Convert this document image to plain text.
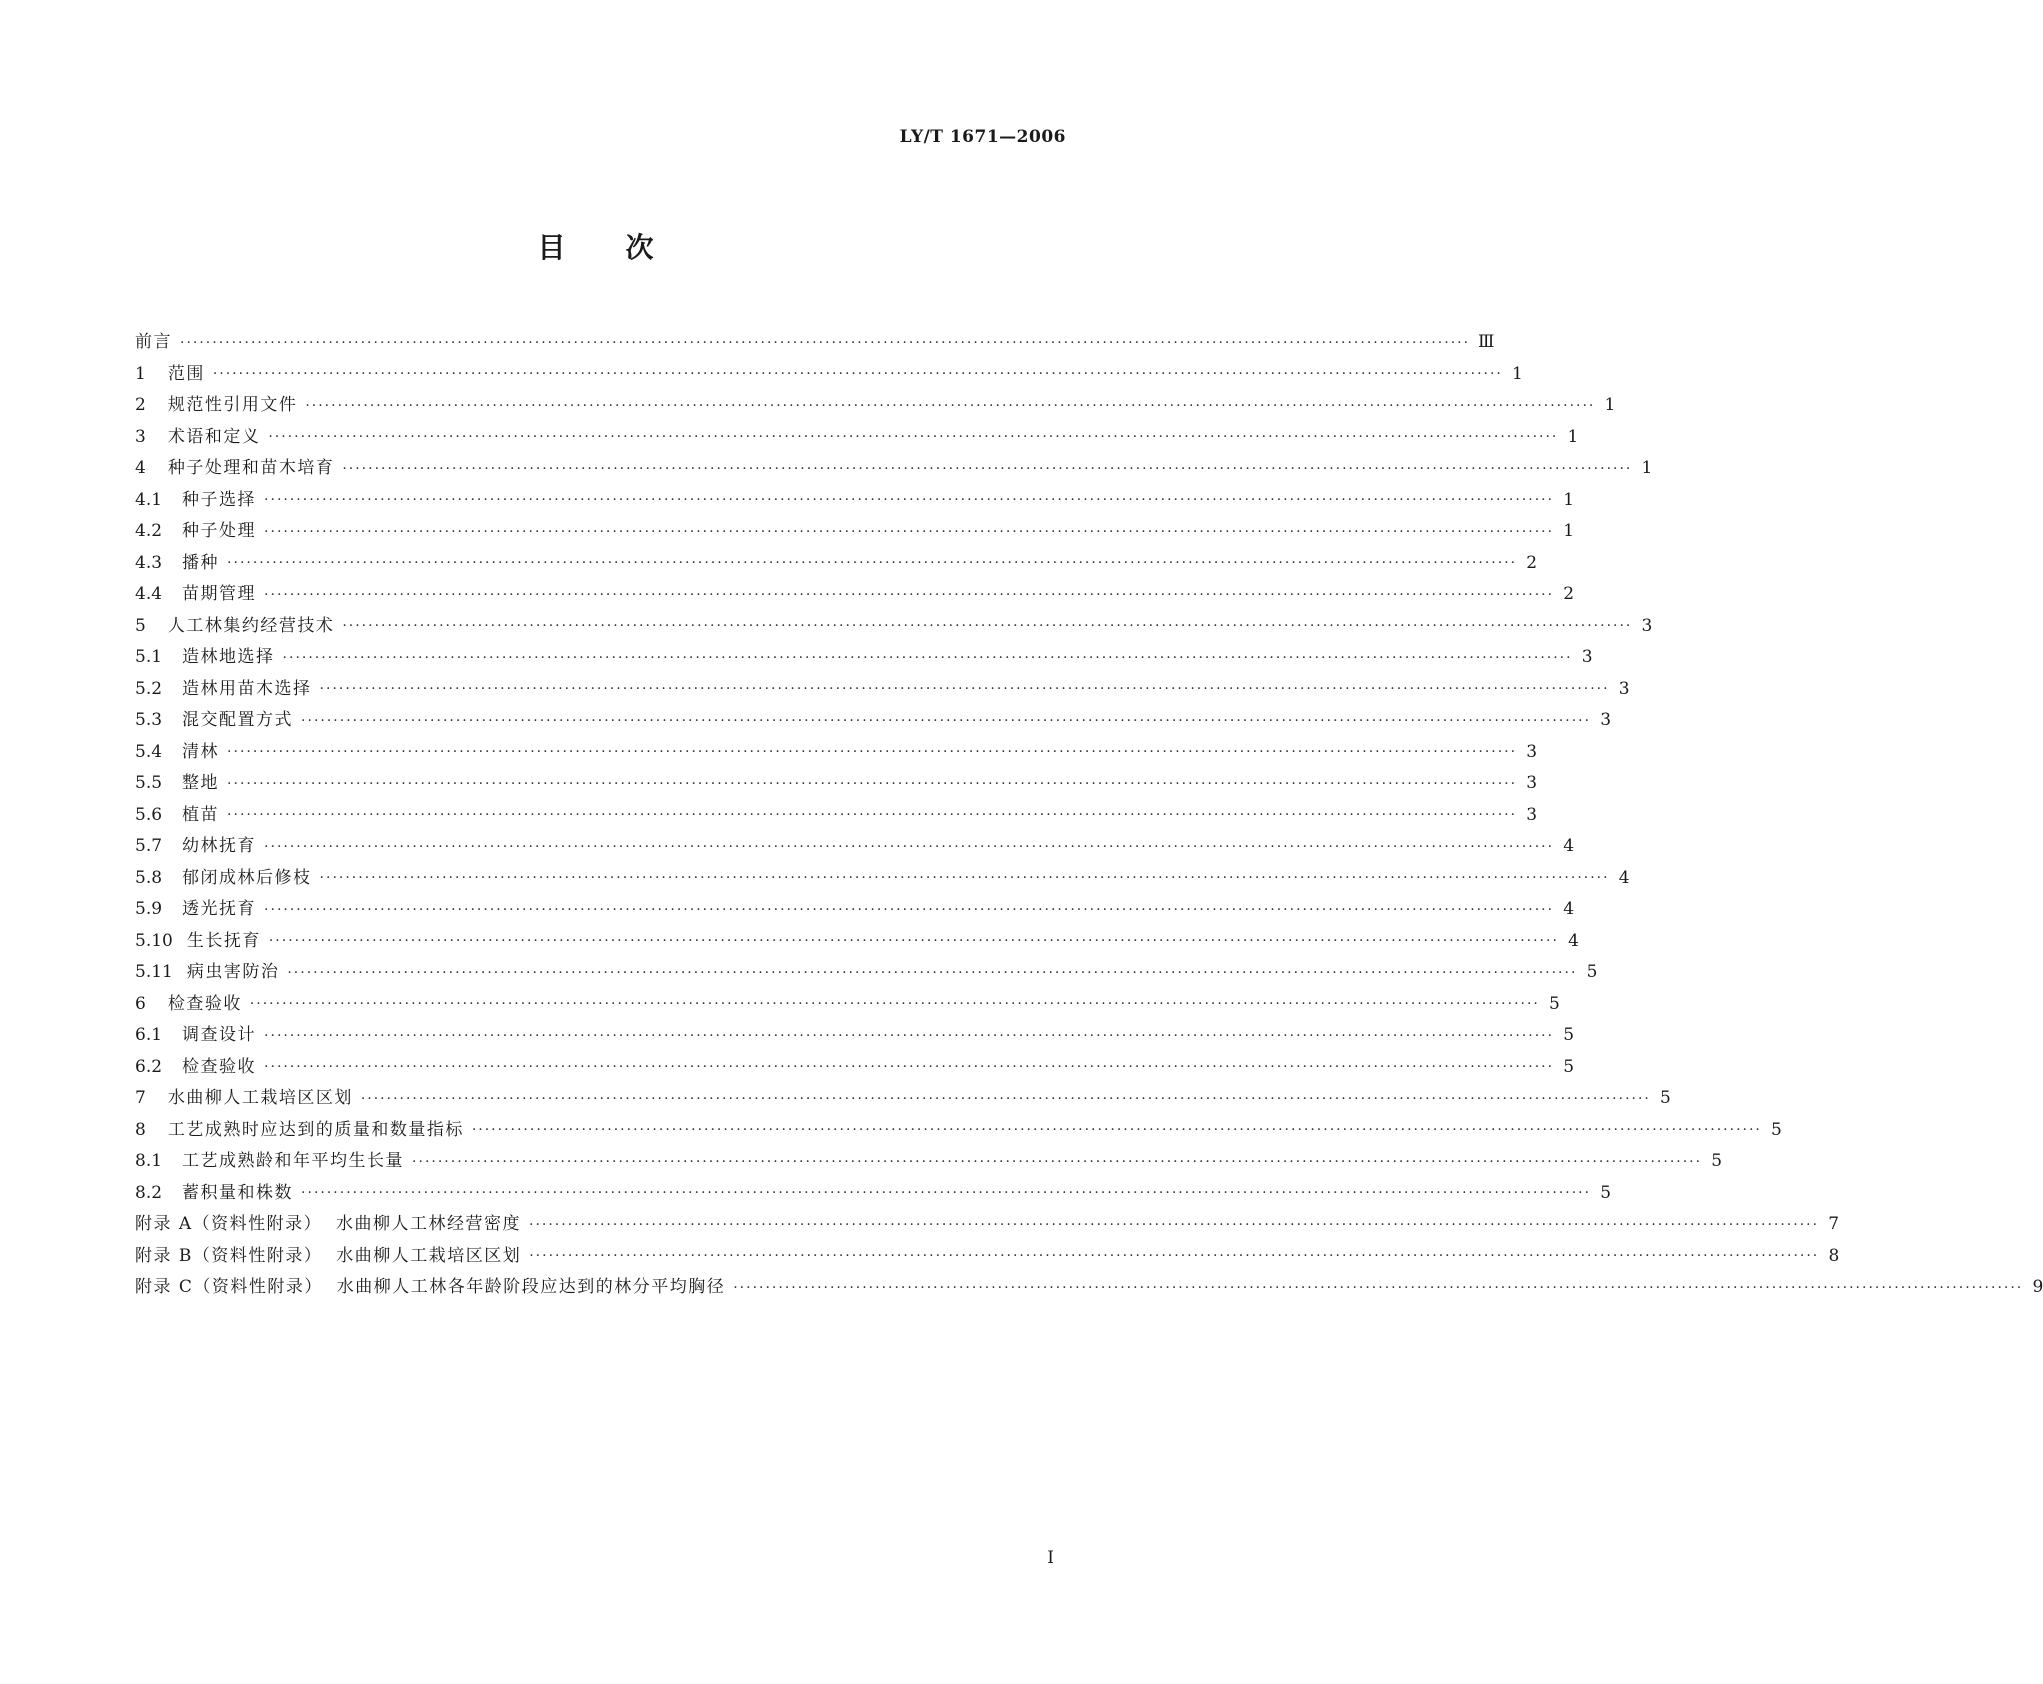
LY/T 1671—2006
目 次
前言 ········································································································································································································ Ⅲ
1 范围 ········································································································································································································ 1
2 规范性引用文件 ········································································································································································································ 1
3 术语和定义 ········································································································································································································ 1
4 种子处理和苗木培育 ········································································································································································································ 1
4.1 种子选择 ········································································································································································································ 1
4.2 种子处理 ········································································································································································································ 1
4.3 播种 ········································································································································································································ 2
4.4 苗期管理 ········································································································································································································ 2
5 人工林集约经营技术 ········································································································································································································ 3
5.1 造林地选择 ········································································································································································································ 3
5.2 造林用苗木选择 ········································································································································································································ 3
5.3 混交配置方式 ········································································································································································································ 3
5.4 清林 ········································································································································································································ 3
5.5 整地 ········································································································································································································ 3
5.6 植苗 ········································································································································································································ 3
5.7 幼林抚育 ········································································································································································································ 4
5.8 郁闭成林后修枝 ········································································································································································································ 4
5.9 透光抚育 ········································································································································································································ 4
5.10 生长抚育 ········································································································································································································ 4
5.11 病虫害防治 ········································································································································································································ 5
6 检查验收 ········································································································································································································ 5
6.1 调查设计 ········································································································································································································ 5
6.2 检查验收 ········································································································································································································ 5
7 水曲柳人工栽培区区划 ········································································································································································································ 5
8 工艺成熟时应达到的质量和数量指标 ········································································································································································································ 5
8.1 工艺成熟龄和年平均生长量 ········································································································································································································ 5
8.2 蓄积量和株数 ········································································································································································································ 5
附录 A（资料性附录）  水曲柳人工林经营密度 ········································································································································································································ 7
附录 B（资料性附录）  水曲柳人工栽培区区划 ········································································································································································································ 8
附录 C（资料性附录）  水曲柳人工林各年龄阶段应达到的林分平均胸径 ········································································································································································································ 9
I
